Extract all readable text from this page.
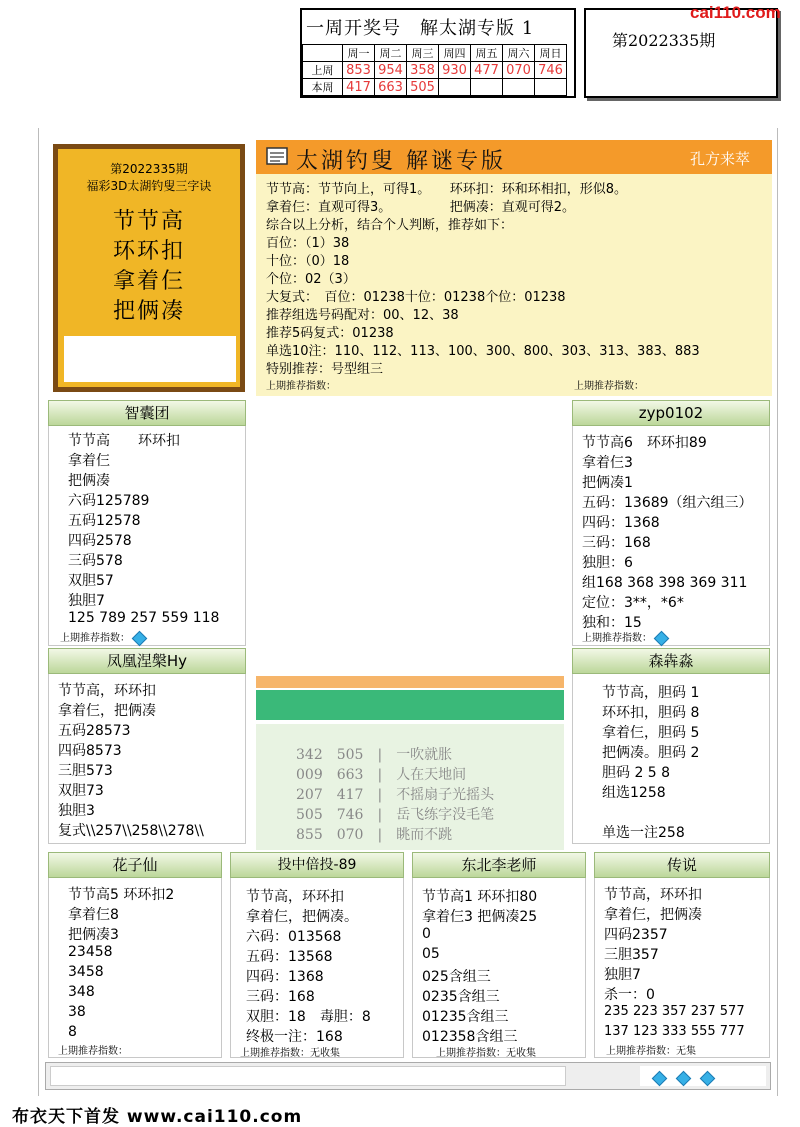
一周开奖号　解太湖专版 1
	周一	周二	周三	周四	周五	周六	周日
上周	853	954	358	930	477	070	746
本周	417	663	505				
第2022335期
cai110.com
第2022335期
福彩3D太湖钓叟三字诀
节节高
环环扣
拿着仨
把俩凑
太湖钓叟 解谜专版	孔方来萃
节节高：节节向上，可得1。　　环环扣：环和环相扣，形似8。
拿着仨：直观可得3。　　　　　把俩凑：直观可得2。
综合以上分析，结合个人判断，推荐如下：
百位：（1）38
十位：（0）18
个位：02（3）
大复式：　百位：01238十位：01238个位：01238
推荐组选号码配对：00、12、38
推荐5码复式：01238
单选10注：110、112、113、100、300、800、303、313、383、883
特别推荐：号型组三
上期推荐指数：	上期推荐指数：
智囊团
节节高　　环环扣
拿着仨
把俩凑
六码125789
五码12578
四码2578
三码578
双胆57
独胆7
125 789 257 559 118
上期推荐指数：
zyp0102
节节高6　环环扣89
拿着仨3
把俩凑1
五码：13689（组六组三）
四码：1368
三码：168
独胆：6
组168 368 398 369 311
定位：3**，*6*
独和：15
上期推荐指数：
凤凰涅槃Hy
节节高，环环扣
拿着仨，把俩凑
五码28573
四码8573
三胆573
双胆73
独胆3
复式\\257\\258\\278\\
森犇淼
节节高，胆码 1
环环扣，胆码 8
拿着仨，胆码 5
把俩凑。胆码 2
胆码 2 5 8
组选1258
单选一注258
342　 505　|　一吹就胀
009　 663　|　人在天地间
207　 417　|　不摇扇子光摇头
505　 746　|　岳飞练字没毛笔
855　 070　|　眺而不跳
花子仙
节节高5 环环扣2
拿着仨8
把俩凑3
23458
3458
348
38
8
上期推荐指数：
投中倍投-89
节节高，环环扣
拿着仨，把俩凑。
六码：013568
五码：13568
四码：1368
三码：168
双胆：18　毒胆：8
终极一注：168
上期推荐指数：无收集
东北李老师
节节高1 环环扣80
拿着仨3 把俩凑25
0
05
025含组三
0235含组三
01235含组三
012358含组三
上期推荐指数：无收集
传说
节节高，环环扣
拿着仨，把俩凑
四码2357
三胆357
独胆7
杀一：0
235 223 357 237 577
137 123 333 555 777
上期推荐指数：无集

布衣天下首发 www.cai110.com
